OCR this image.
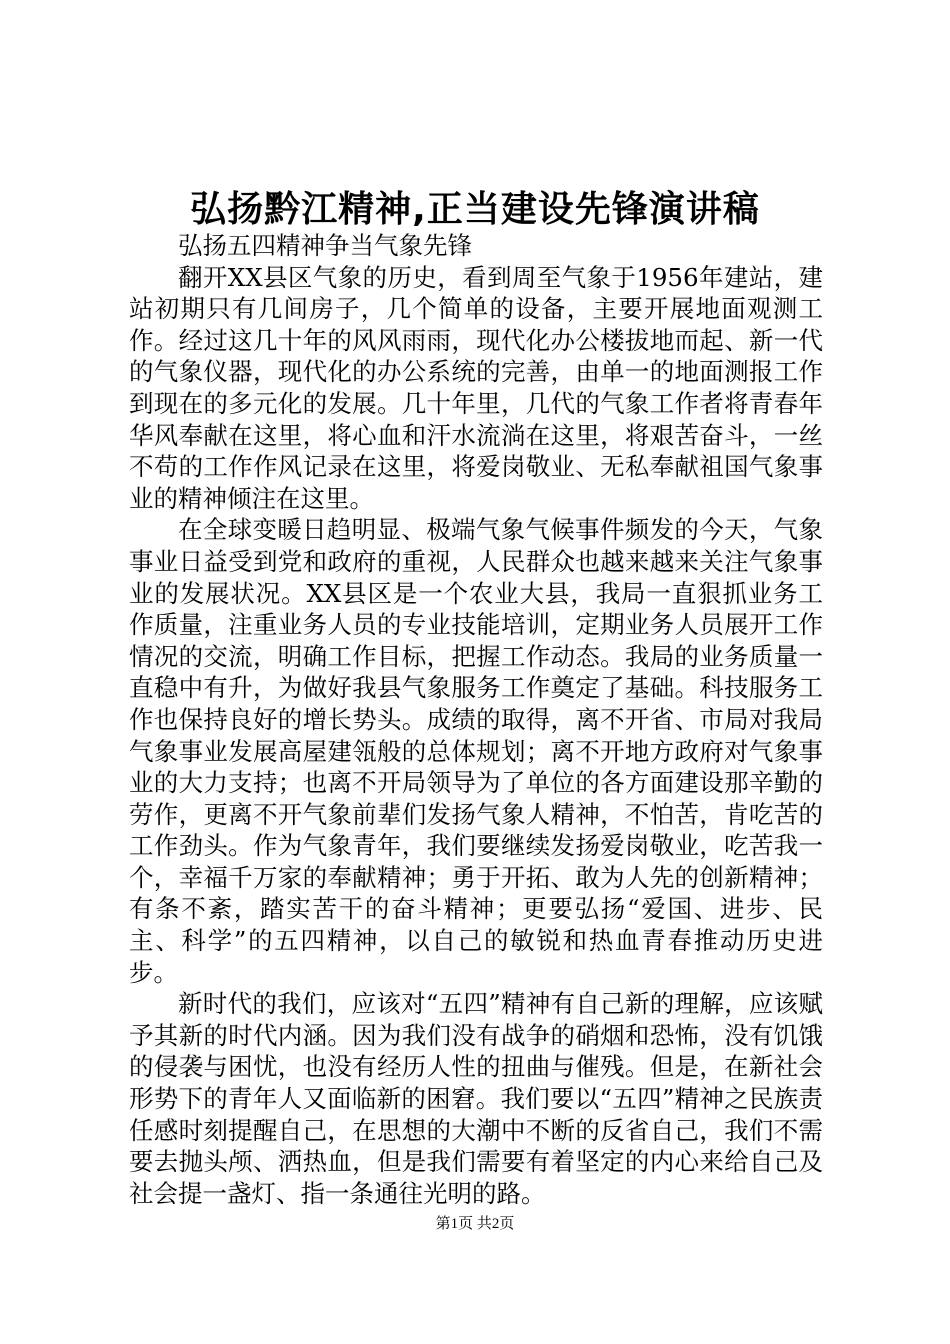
弘扬黔江精神,正当建设先锋演讲稿

弘扬五四精神争当气象先锋

翻开XX县区气象的历史，看到周至气象于1956年建站，建站初期只有几间房子，几个简单的设备，主要开展地面观测工作。经过这几十年的风风雨雨，现代化办公楼拔地而起、新一代的气象仪器，现代化的办公系统的完善，由单一的地面测报工作到现在的多元化的发展。几十年里，几代的气象工作者将青春年华风奉献在这里，将心血和汗水流淌在这里，将艰苦奋斗，一丝不苟的工作作风记录在这里，将爱岗敬业、无私奉献祖国气象事业的精神倾注在这里。

在全球变暖日趋明显、极端气象气候事件频发的今天，气象事业日益受到党和政府的重视，人民群众也越来越来关注气象事业的发展状况。XX县区是一个农业大县，我局一直狠抓业务工作质量，注重业务人员的专业技能培训，定期业务人员展开工作情况的交流，明确工作目标，把握工作动态。我局的业务质量一直稳中有升，为做好我县气象服务工作奠定了基础。科技服务工作也保持良好的增长势头。成绩的取得，离不开省、市局对我局气象事业发展高屋建瓴般的总体规划；离不开地方政府对气象事业的大力支持；也离不开局领导为了单位的各方面建设那辛勤的劳作，更离不开气象前辈们发扬气象人精神，不怕苦，肯吃苦的工作劲头。作为气象青年，我们要继续发扬爱岗敬业，吃苦我一个，幸福千万家的奉献精神；勇于开拓、敢为人先的创新精神；有条不紊，踏实苦干的奋斗精神；更要弘扬“爱国、进步、民主、科学”的五四精神，以自己的敏锐和热血青春推动历史进步。

新时代的我们，应该对“五四”精神有自己新的理解，应该赋予其新的时代内涵。因为我们没有战争的硝烟和恐怖，没有饥饿的侵袭与困忧，也没有经历人性的扭曲与催残。但是，在新社会形势下的青年人又面临新的困窘。我们要以“五四”精神之民族责任感时刻提醒自己，在思想的大潮中不断的反省自己，我们不需要去抛头颅、洒热血，但是我们需要有着坚定的内心来给自己及社会提一盏灯、指一条通往光明的路。

第1页 共2页
